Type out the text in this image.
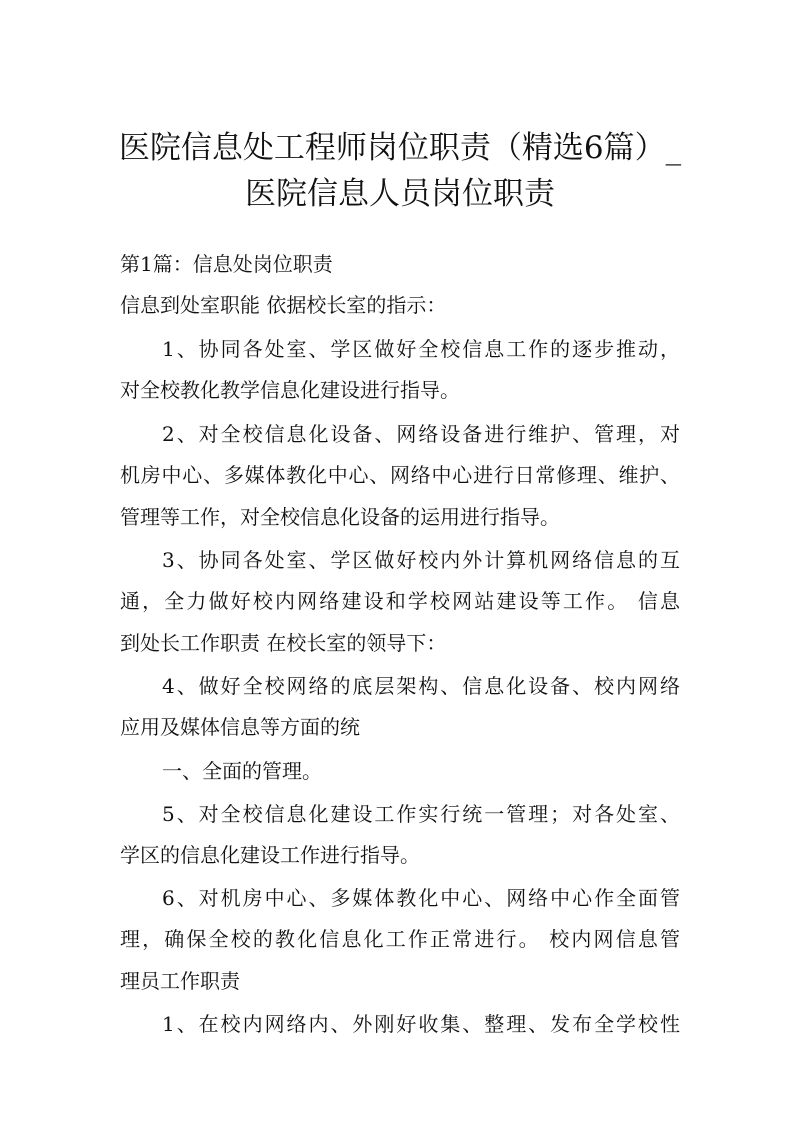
医院信息处工程师岗位职责（精选6篇）_
医院信息人员岗位职责

第1篇：信息处岗位职责

信息到处室职能 依据校长室的指示：

1、协同各处室、学区做好全校信息工作的逐步推动，

对全校教化教学信息化建设进行指导。

2、对全校信息化设备、网络设备进行维护、管理，对

机房中心、多媒体教化中心、网络中心进行日常修理、维护、

管理等工作，对全校信息化设备的运用进行指导。

3、协同各处室、学区做好校内外计算机网络信息的互

通，全力做好校内网络建设和学校网站建设等工作。 信息

到处长工作职责 在校长室的领导下：

4、做好全校网络的底层架构、信息化设备、校内网络

应用及媒体信息等方面的统

一、全面的管理。

5、对全校信息化建设工作实行统一管理；对各处室、

学区的信息化建设工作进行指导。

6、对机房中心、多媒体教化中心、网络中心作全面管

理，确保全校的教化信息化工作正常进行。 校内网信息管

理员工作职责

1、在校内网络内、外刚好收集、整理、发布全学校性
